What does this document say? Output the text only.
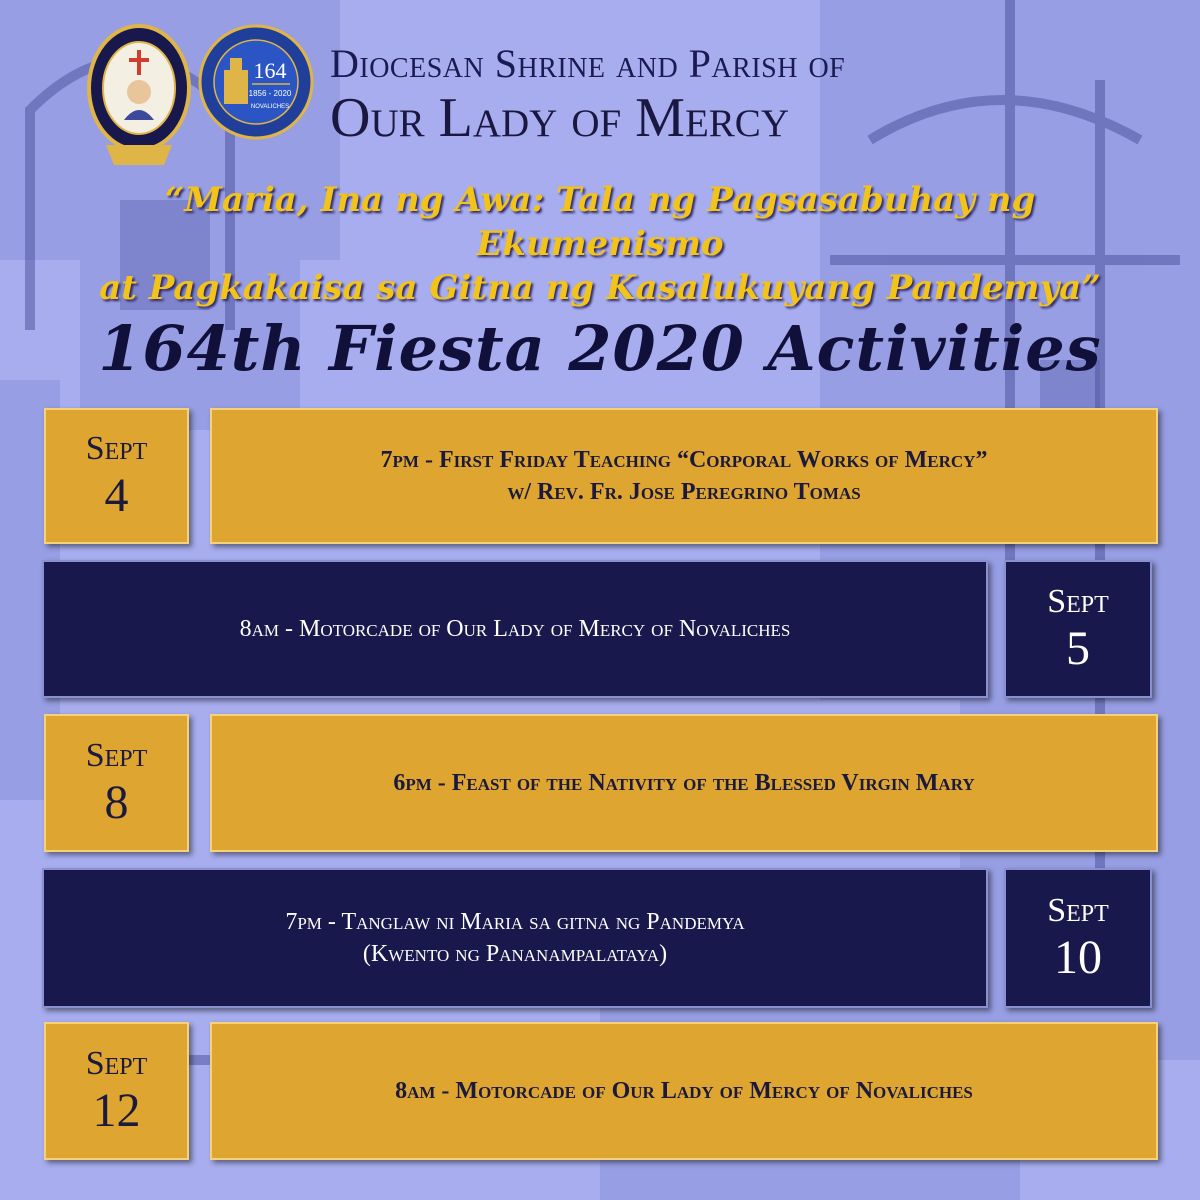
164
1856 - 2020
NOVALICHES
Diocesan Shrine and Parish of
Our Lady of Mercy
“Maria, Ina ng Awa: Tala ng Pagsasabuhay ng Ekumenismo
at Pagkakaisa sa Gitna ng Kasalukuyang Pandemya”
164th Fiesta 2020 Activities
Sept
4
7pm - First Friday Teaching “Corporal Works of Mercy”
w/ Rev. Fr. Jose Peregrino Tomas
8am - Motorcade of Our Lady of Mercy of Novaliches
Sept
5
Sept
8	6pm - Feast of the Nativity of the Blessed Virgin Mary
7pm - Tanglaw ni Maria sa gitna ng Pandemya
(Kwento ng Pananampalataya)
Sept
10
Sept
12	8am - Motorcade of Our Lady of Mercy of Novaliches
